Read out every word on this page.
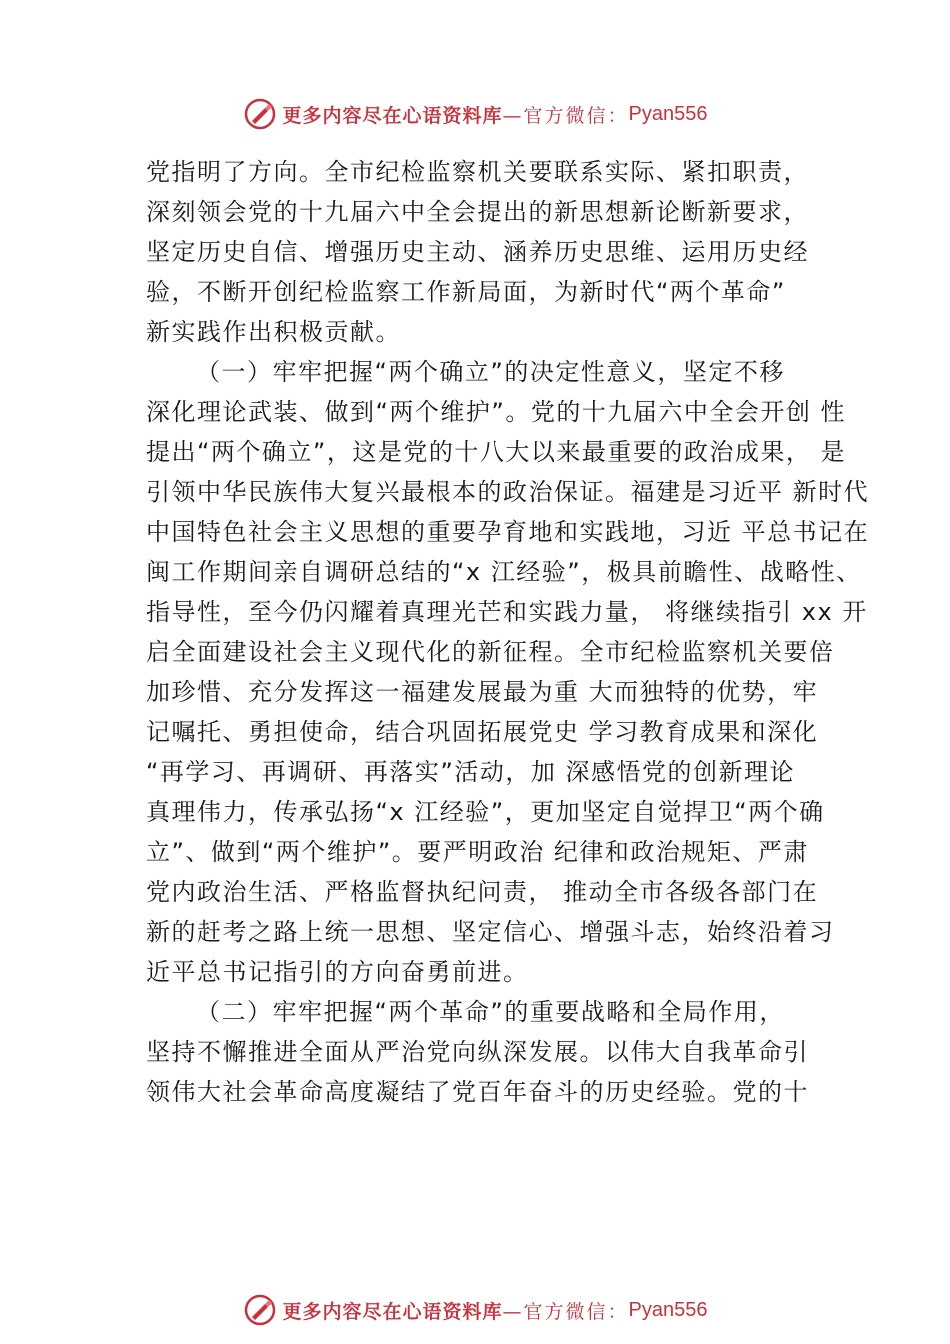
更多内容尽在心语资料库 —官方微信： Pyan556
党指明了方向。全市纪检监察机关要联系实际、紧扣职责，
深刻领会党的十九届六中全会提出的新思想新论断新要求，
坚定历史自信、增强历史主动、涵养历史思维、运用历史经
验，不断开创纪检监察工作新局面，为新时代“两个革命”
新实践作出积极贡献。
（一）牢牢把握“两个确立”的决定性意义，坚定不移
深化理论武装、做到“两个维护”。党的十九届六中全会开创 性
提出“两个确立”，这是党的十八大以来最重要的政治成果， 是
引领中华民族伟大复兴最根本的政治保证。福建是习近平 新时代
中国特色社会主义思想的重要孕育地和实践地，习近 平总书记在
闽工作期间亲自调研总结的“x 江经验”，极具前瞻性、战略性、
指导性，至今仍闪耀着真理光芒和实践力量， 将继续指引 xx 开
启全面建设社会主义现代化的新征程。全市纪检监察机关要倍
加珍惜、充分发挥这一福建发展最为重 大而独特的优势，牢
记嘱托、勇担使命，结合巩固拓展党史 学习教育成果和深化
“再学习、再调研、再落实”活动，加 深感悟党的创新理论
真理伟力，传承弘扬“x 江经验”，更加坚定自觉捍卫“两个确
立”、做到“两个维护”。要严明政治 纪律和政治规矩、严肃
党内政治生活、严格监督执纪问责， 推动全市各级各部门在
新的赶考之路上统一思想、坚定信心、增强斗志，始终沿着习
近平总书记指引的方向奋勇前进。
（二）牢牢把握“两个革命”的重要战略和全局作用，
坚持不懈推进全面从严治党向纵深发展。以伟大自我革命引
领伟大社会革命高度凝结了党百年奋斗的历史经验。党的十
更多内容尽在心语资料库 —官方微信： Pyan556
